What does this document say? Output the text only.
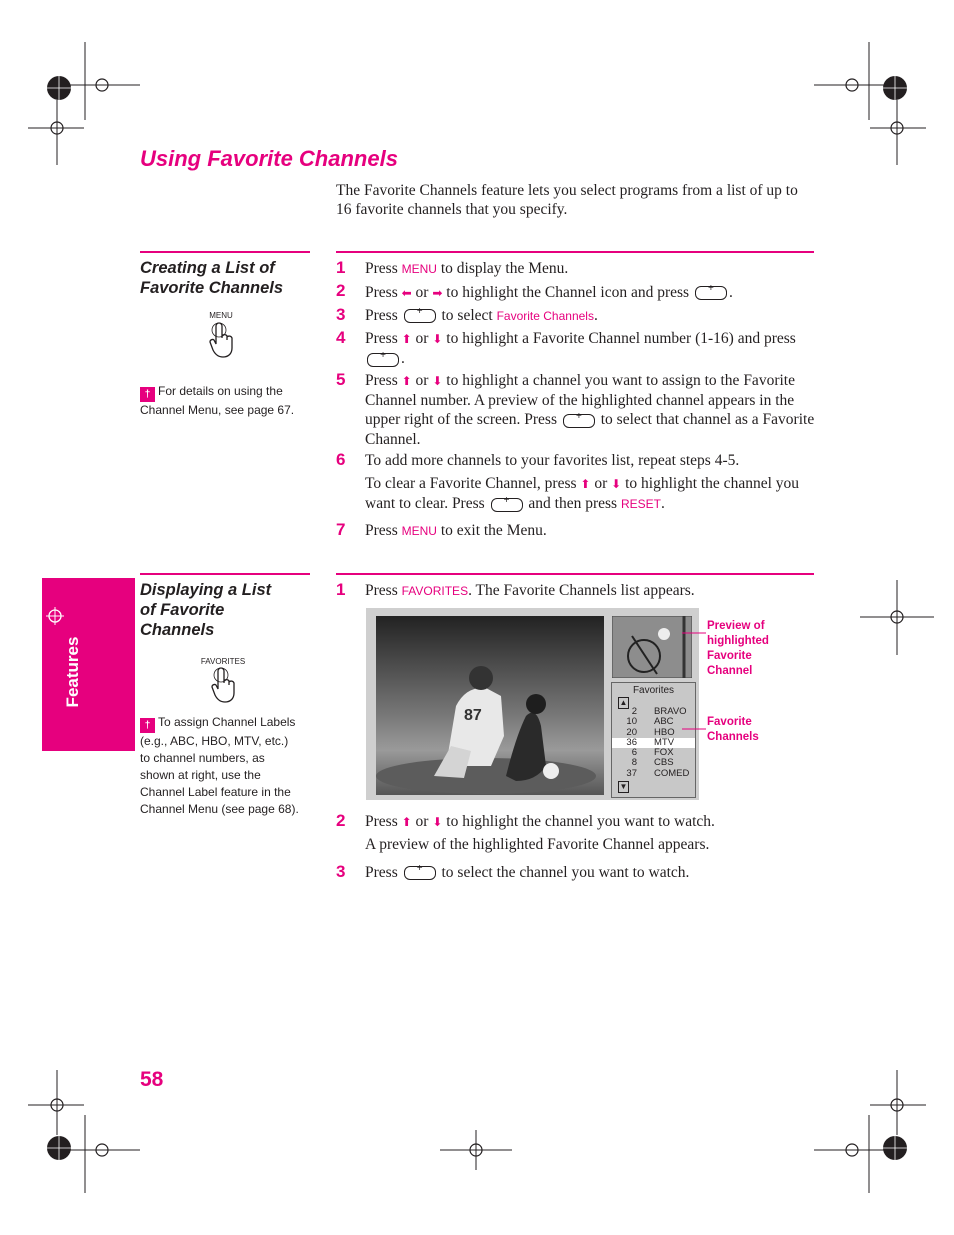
Using Favorite Channels

The Favorite Channels feature lets you select programs from a list of up to 16 favorite channels that you specify.

Creating a List of

Favorite Channels

MENU
† For details on using the Channel Menu, see page 67.
1	Press MENU to display the Menu.

2	Press ⬅ or ➡ to highlight the Channel icon and press +.

3	Press + to select Favorite Channels.

4	Press ⬆ or ⬇ to highlight a Favorite Channel number (1-16) and press +.

5	Press ⬆ or ⬇ to highlight a channel you want to assign to the Favorite Channel number. A preview of the highlighted channel appears in the upper right of the screen. Press + to select that channel as a Favorite Channel.

6	To add more channels to your favorites list, repeat steps 4-5.

To clear a Favorite Channel, press ⬆ or ⬇ to highlight the channel you want to clear. Press + and then press RESET.

7	Press MENU to exit the Menu.

Displaying a List

of Favorite

Channels

FAVORITES
† To assign Channel Labels (e.g., ABC, HBO, MTV, etc.) to channel numbers, as shown at right, use the Channel Label feature in the Channel Menu (see page 68).
1	Press FAVORITES. The Favorite Channels list appears.

87
Favorites
▲
2 BRAVO
10 ABC
20 HBO
36 MTV
6 FOX
8 CBS
37 COMED
▼
Preview of
highlighted
Favorite
Channel
Favorite
Channels
2	Press ⬆ or ⬇ to highlight the channel you want to watch.

A preview of the highlighted Favorite Channel appears.

3	Press + to select the channel you want to watch.

Features
58
